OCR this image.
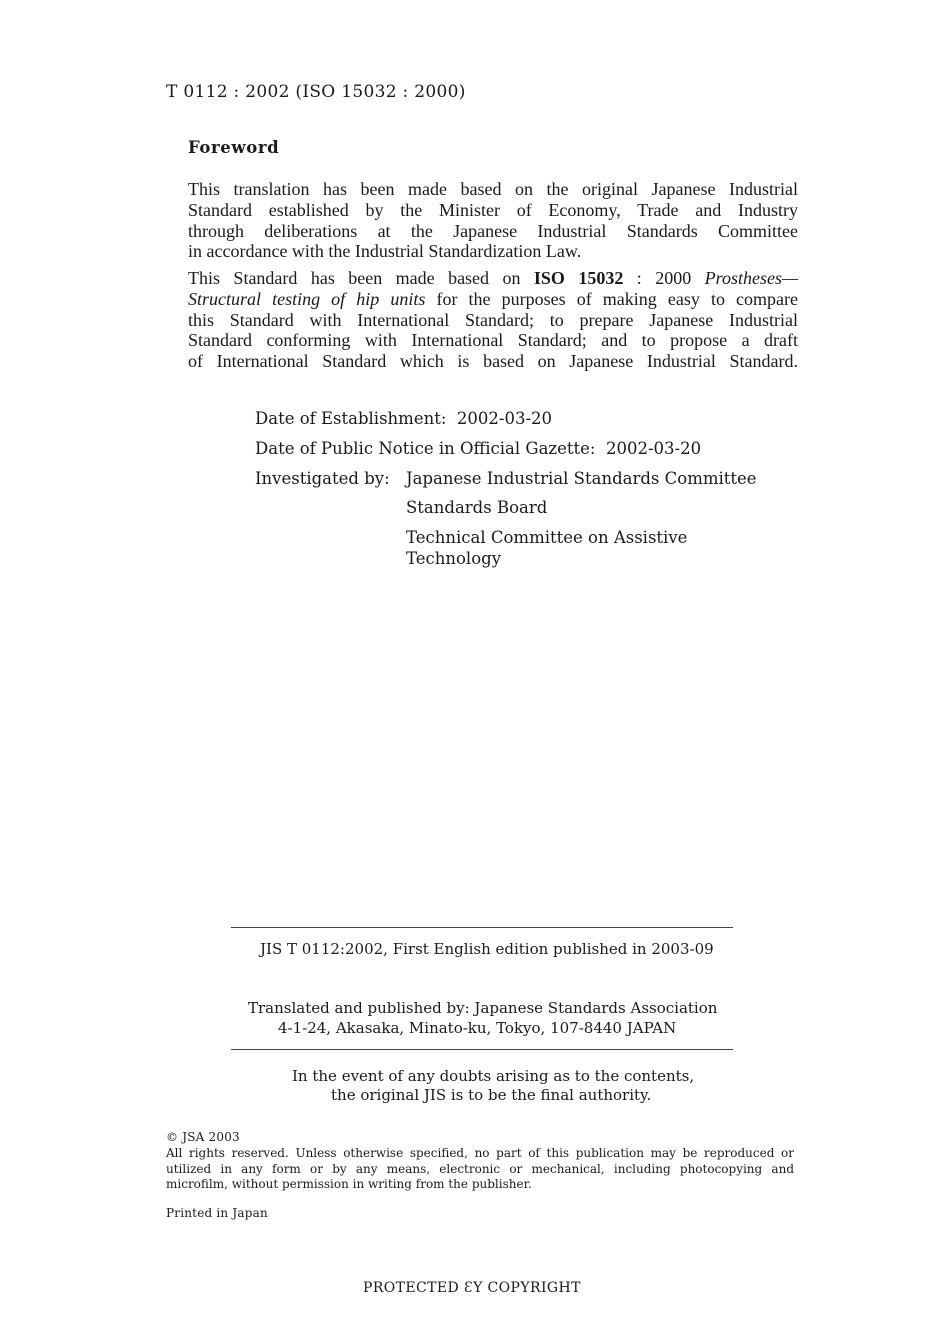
T 0112 : 2002 (ISO 15032 : 2000)
Foreword
This translation has been made based on the original Japanese Industrial
Standard established by the Minister of Economy, Trade and Industry
through deliberations at the Japanese Industrial Standards Committee
in accordance with the Industrial Standardization Law.
This Standard has been made based on ISO 15032 : 2000 Prostheses—
Structural testing of hip units for the purposes of making easy to compare
this Standard with International Standard; to prepare Japanese Industrial
Standard conforming with International Standard; and to propose a draft
of International Standard which is based on Japanese Industrial Standard.
Date of Establishment: 2002-03-20
Date of Public Notice in Official Gazette: 2002-03-20
Investigated by: Japanese Industrial Standards Committee
Standards Board
Technical Committee on Assistive
Technology
JIS T 0112:2002, First English edition published in 2003-09
Translated and published by: Japanese Standards Association
4-1-24, Akasaka, Minato-ku, Tokyo, 107-8440 JAPAN
In the event of any doubts arising as to the contents,
the original JIS is to be the final authority.
© JSA 2003
All rights reserved. Unless otherwise specified, no part of this publication may be reproduced or
utilized in any form or by any means, electronic or mechanical, including photocopying and
microfilm, without permission in writing from the publisher.
Printed in Japan
PROTECTED ƐY COPYRIGHT
